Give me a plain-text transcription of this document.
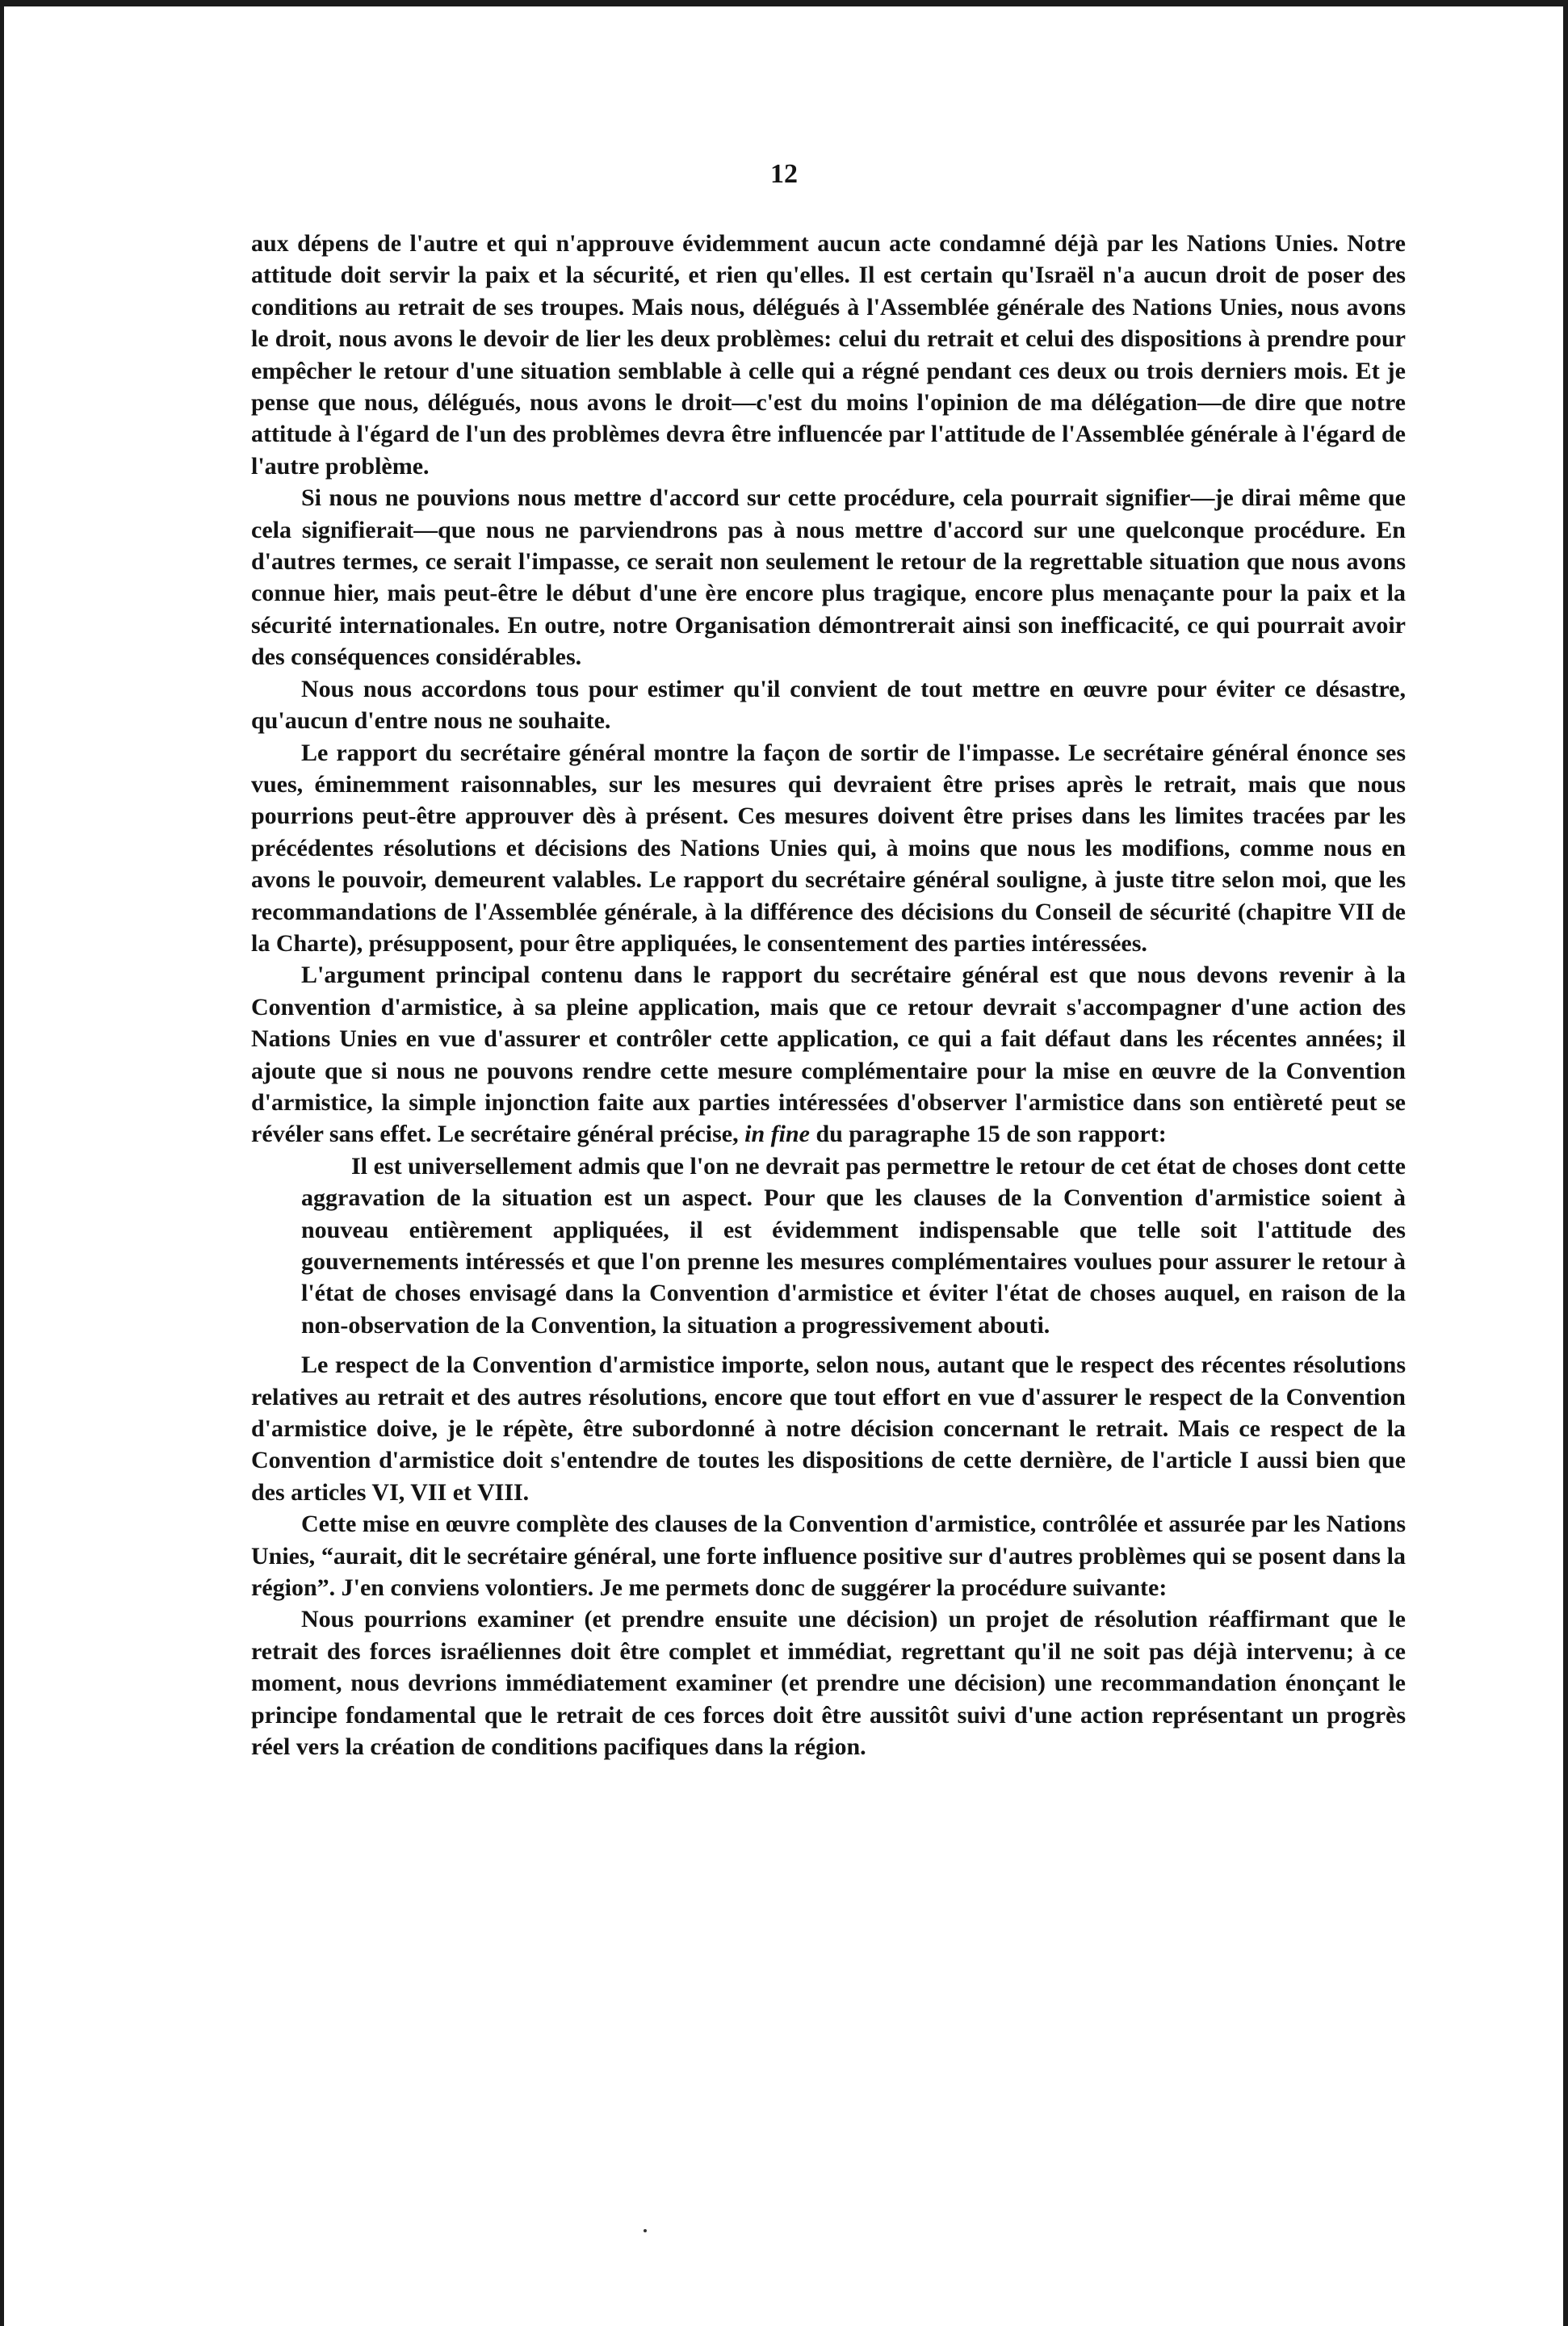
12

aux dépens de l'autre et qui n'approuve évidemment aucun acte condamné déjà par les Nations Unies. Notre attitude doit servir la paix et la sécurité, et rien qu'elles. Il est certain qu'Israël n'a aucun droit de poser des conditions au retrait de ses troupes. Mais nous, délégués à l'Assemblée générale des Nations Unies, nous avons le droit, nous avons le devoir de lier les deux problèmes: celui du retrait et celui des dispositions à prendre pour empêcher le retour d'une situation semblable à celle qui a régné pendant ces deux ou trois derniers mois. Et je pense que nous, délégués, nous avons le droit—c'est du moins l'opinion de ma délégation—de dire que notre attitude à l'égard de l'un des problèmes devra être influencée par l'attitude de l'Assemblée générale à l'égard de l'autre problème.

Si nous ne pouvions nous mettre d'accord sur cette procédure, cela pourrait signifier—je dirai même que cela signifierait—que nous ne parviendrons pas à nous mettre d'accord sur une quelconque procédure. En d'autres termes, ce serait l'impasse, ce serait non seulement le retour de la regrettable situation que nous avons connue hier, mais peut-être le début d'une ère encore plus tragique, encore plus menaçante pour la paix et la sécurité internationales. En outre, notre Organisation démontrerait ainsi son inefficacité, ce qui pourrait avoir des conséquences considérables.

Nous nous accordons tous pour estimer qu'il convient de tout mettre en œuvre pour éviter ce désastre, qu'aucun d'entre nous ne souhaite.

Le rapport du secrétaire général montre la façon de sortir de l'impasse. Le secrétaire général énonce ses vues, éminemment raisonnables, sur les mesures qui devraient être prises après le retrait, mais que nous pourrions peut-être approuver dès à présent. Ces mesures doivent être prises dans les limites tracées par les précédentes résolutions et décisions des Nations Unies qui, à moins que nous les modifions, comme nous en avons le pouvoir, demeurent valables. Le rapport du secrétaire général souligne, à juste titre selon moi, que les recommandations de l'Assemblée générale, à la différence des décisions du Conseil de sécurité (chapitre VII de la Charte), présupposent, pour être appliquées, le consentement des parties intéressées.

L'argument principal contenu dans le rapport du secrétaire général est que nous devons revenir à la Convention d'armistice, à sa pleine application, mais que ce retour devrait s'accompagner d'une action des Nations Unies en vue d'assurer et contrôler cette application, ce qui a fait défaut dans les récentes années; il ajoute que si nous ne pouvons rendre cette mesure complémentaire pour la mise en œuvre de la Convention d'armistice, la simple injonction faite aux parties intéressées d'observer l'armistice dans son entièreté peut se révéler sans effet. Le secrétaire général précise, in fine du paragraphe 15 de son rapport:

Il est universellement admis que l'on ne devrait pas permettre le retour de cet état de choses dont cette aggravation de la situation est un aspect. Pour que les clauses de la Convention d'armistice soient à nouveau entièrement appliquées, il est évidemment indispensable que telle soit l'attitude des gouvernements intéressés et que l'on prenne les mesures complémentaires voulues pour assurer le retour à l'état de choses envisagé dans la Convention d'armistice et éviter l'état de choses auquel, en raison de la non-observation de la Convention, la situation a progressivement abouti.

Le respect de la Convention d'armistice importe, selon nous, autant que le respect des récentes résolutions relatives au retrait et des autres résolutions, encore que tout effort en vue d'assurer le respect de la Convention d'armistice doive, je le répète, être subordonné à notre décision concernant le retrait. Mais ce respect de la Convention d'armistice doit s'entendre de toutes les dispositions de cette dernière, de l'article I aussi bien que des articles VI, VII et VIII.

Cette mise en œuvre complète des clauses de la Convention d'armistice, contrôlée et assurée par les Nations Unies, “aurait, dit le secrétaire général, une forte influence positive sur d'autres problèmes qui se posent dans la région”. J'en conviens volontiers. Je me permets donc de suggérer la procédure suivante:

Nous pourrions examiner (et prendre ensuite une décision) un projet de résolution réaffirmant que le retrait des forces israéliennes doit être complet et immédiat, regrettant qu'il ne soit pas déjà intervenu; à ce moment, nous devrions immédiatement examiner (et prendre une décision) une recommandation énonçant le principe fondamental que le retrait de ces forces doit être aussitôt suivi d'une action représentant un progrès réel vers la création de conditions pacifiques dans la région.
